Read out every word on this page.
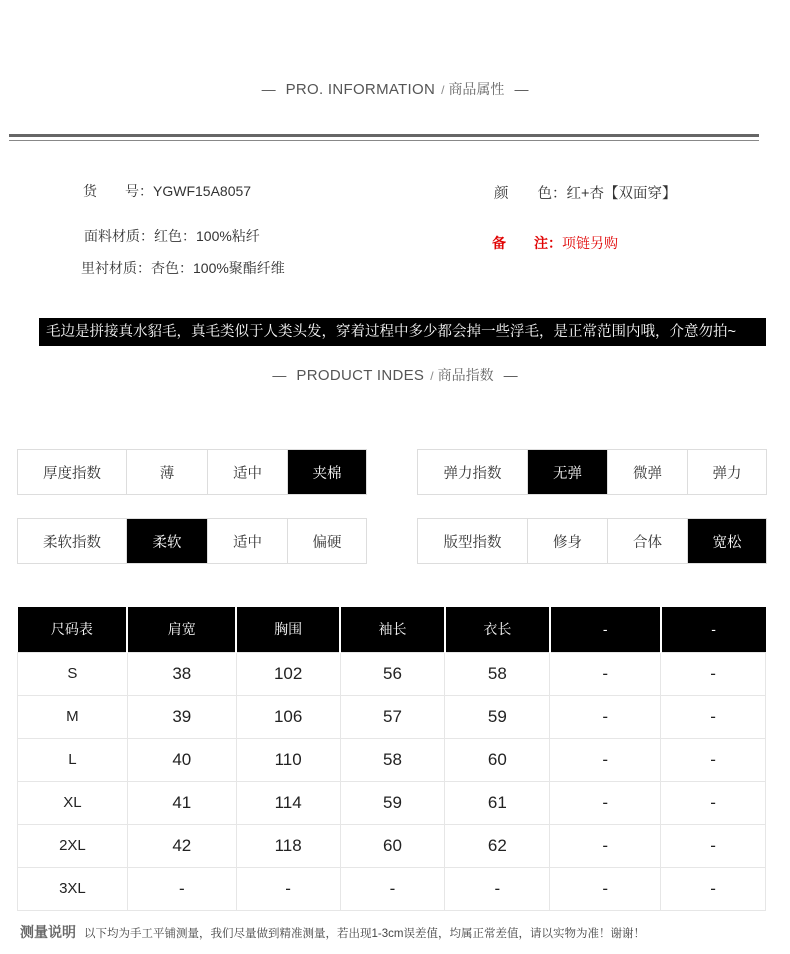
— PRO. INFORMATION / 商品属性 —
货　　号：YGWF15A8057
面料材质：红色：100%粘纤
里衬材质：杏色：100%聚酯纤维
颜　　色：红+杏【双面穿】
备　　注：项链另购
毛边是拼接真水貂毛，真毛类似于人类头发，穿着过程中多少都会掉一些浮毛，是正常范围内哦，介意勿拍~
— PRODUCT INDES / 商品指数 —
厚度指数	薄	适中	夹棉	弹力指数	无弹	微弹	弹力
柔软指数	柔软	适中	偏硬	版型指数	修身	合体	宽松
尺码表	肩宽	胸围	袖长	衣长	-	-
S	38	102	56	58	-	-
M	39	106	57	59	-	-
L	40	110	58	60	-	-
XL	41	114	59	61	-	-
2XL	42	118	60	62	-	-
3XL	-	-	-	-	-	-
测量说明 以下均为手工平铺测量，我们尽量做到精准测量，若出现1-3cm误差值，均属正常差值，请以实物为准！谢谢！
